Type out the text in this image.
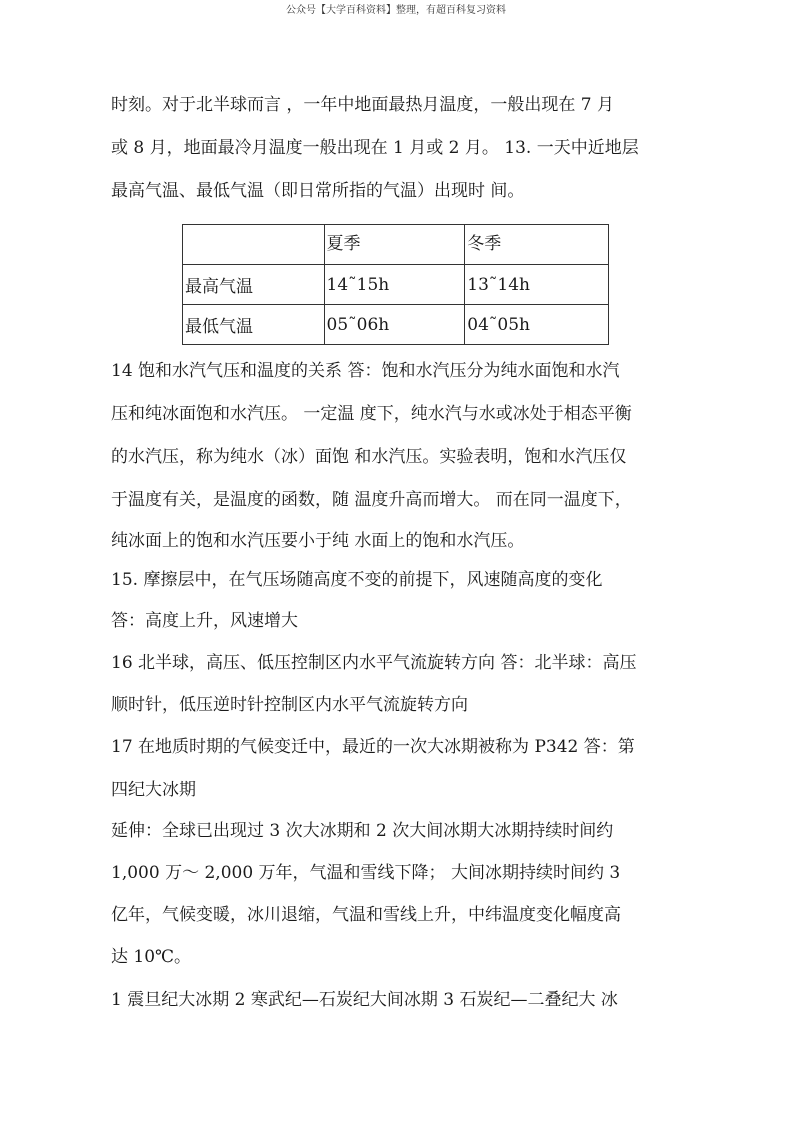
公众号【大学百科资料】整理，有超百科复习资料
时刻。对于北半球而言 ，一年中地面最热月温度，一般出现在 7 月
或 8 月，地面最冷月温度一般出现在 1 月或 2 月。 13. 一天中近地层
最高气温、最低气温（即日常所指的气温）出现时 间。
	夏季	冬季
最高气温	14˜15h	13˜14h
最低气温	05˜06h	04˜05h
14 饱和水汽气压和温度的关系 答：饱和水汽压分为纯水面饱和水汽
压和纯冰面饱和水汽压。 一定温 度下，纯水汽与水或冰处于相态平衡
的水汽压，称为纯水（冰）面饱 和水汽压。实验表明，饱和水汽压仅
于温度有关，是温度的函数，随 温度升高而增大。 而在同一温度下，
纯冰面上的饱和水汽压要小于纯 水面上的饱和水汽压。
15. 摩擦层中，在气压场随高度不变的前提下，风速随高度的变化
答：高度上升，风速增大
16 北半球，高压、低压控制区内水平气流旋转方向 答：北半球：高压
顺时针，低压逆时针控制区内水平气流旋转方向
17 在地质时期的气候变迁中，最近的一次大冰期被称为 P342 答：第
四纪大冰期
延伸：全球已出现过 3 次大冰期和 2 次大间冰期大冰期持续时间约
1,000 万～ 2,000 万年，气温和雪线下降； 大间冰期持续时间约 3
亿年，气候变暖，冰川退缩，气温和雪线上升，中纬温度变化幅度高
达 10℃。
1 震旦纪大冰期 2 寒武纪—石炭纪大间冰期 3 石炭纪—二叠纪大 冰
